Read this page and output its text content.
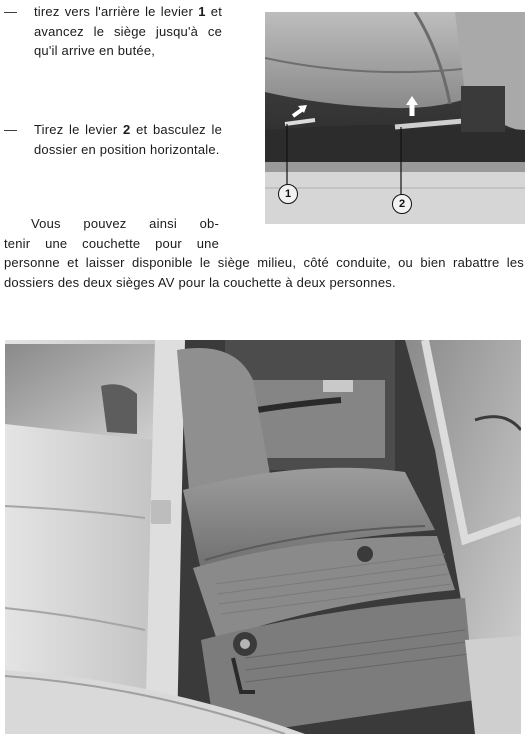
—	tirez vers l'arrière le levier 1 et avancez le siège jusqu'à ce qu'il arrive en butée,
—	Tirez le levier 2 et basculez le dossier en position horizontale.
Vous pouvez ainsi ob-
tenir une couchette pour une
personne et laisser disponible le siège milieu, côté conduite, ou bien rabattre les dossiers des deux sièges AV pour la couchette à deux personnes.
1
2
